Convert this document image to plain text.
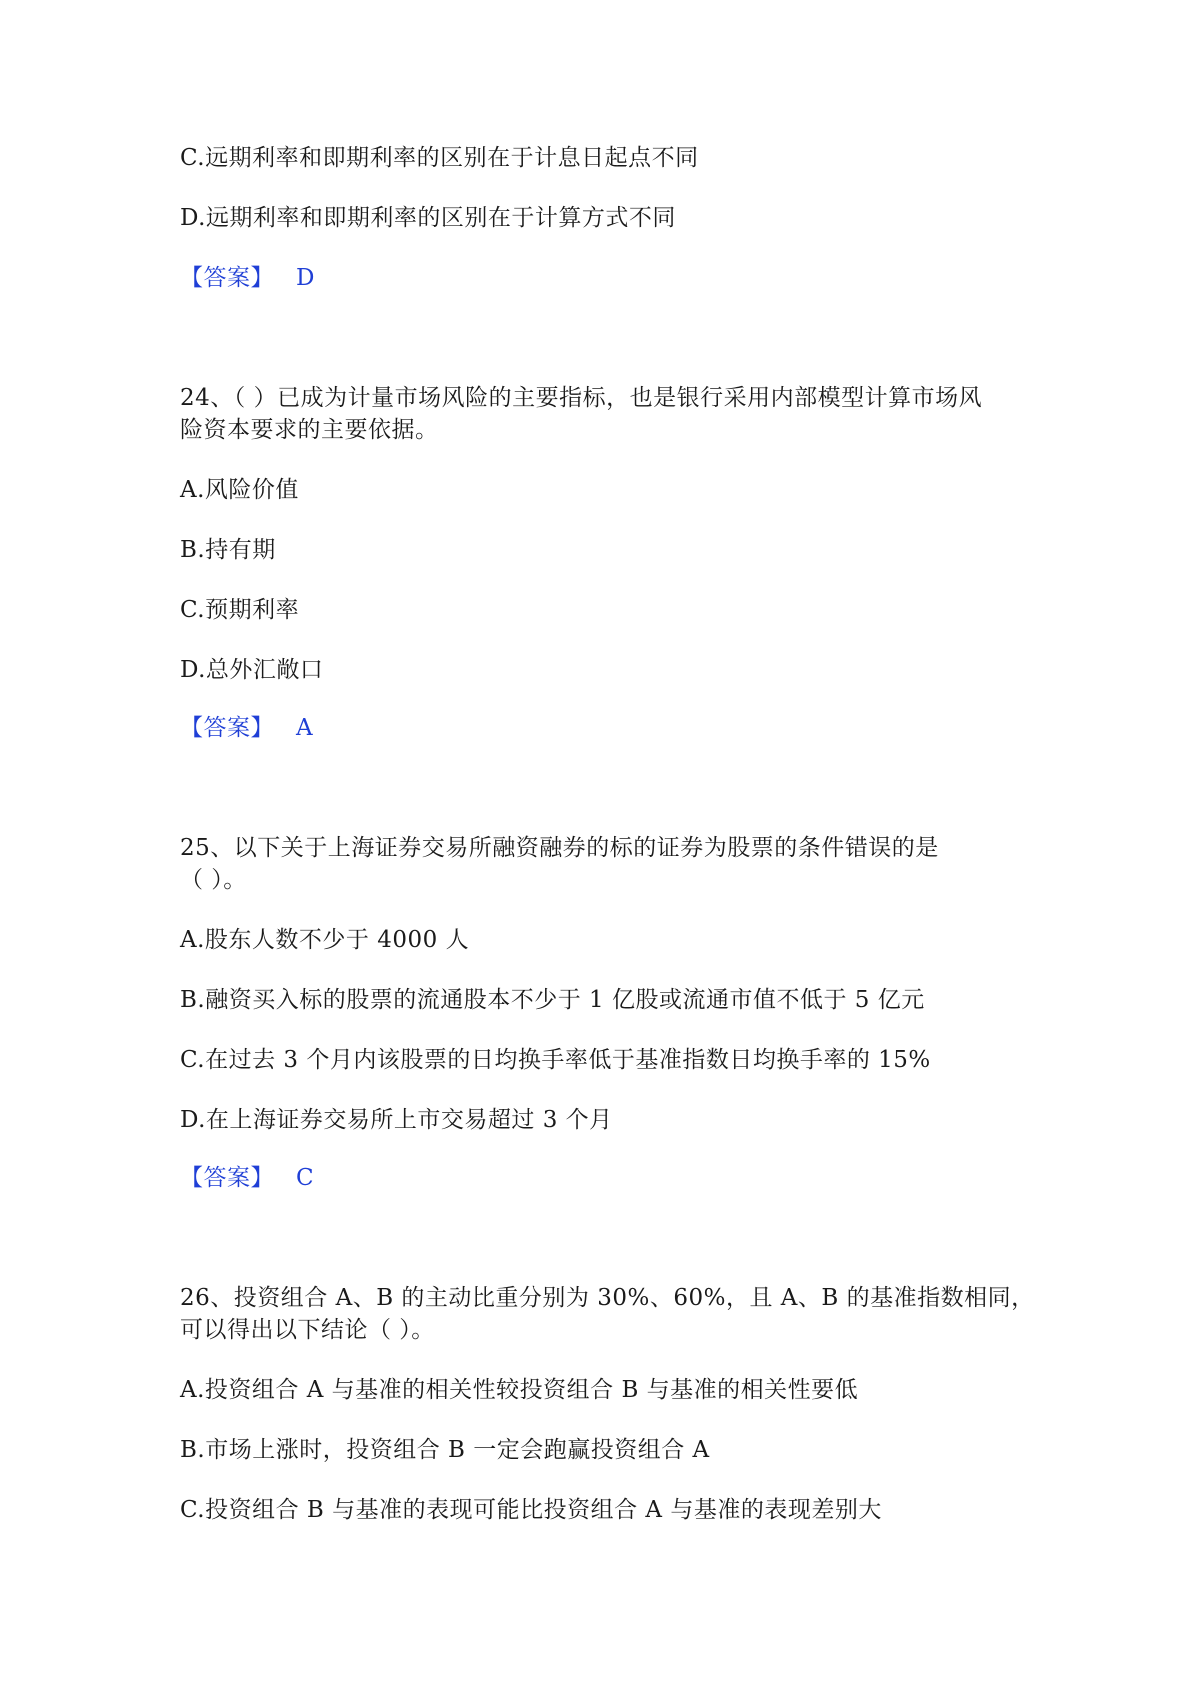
C.远期利率和即期利率的区别在于计息日起点不同
D.远期利率和即期利率的区别在于计算方式不同
【答案】 D
24、（ ）已成为计量市场风险的主要指标，也是银行采用内部模型计算市场风
险资本要求的主要依据。
A.风险价值
B.持有期
C.预期利率
D.总外汇敞口
【答案】 A
25、以下关于上海证券交易所融资融券的标的证券为股票的条件错误的是
（ ）。
A.股东人数不少于 4000 人
B.融资买入标的股票的流通股本不少于 1 亿股或流通市值不低于 5 亿元
C.在过去 3 个月内该股票的日均换手率低于基准指数日均换手率的 15%
D.在上海证券交易所上市交易超过 3 个月
【答案】 C
26、投资组合 A、B 的主动比重分别为 30%、60%，且 A、B 的基准指数相同，
可以得出以下结论（ ）。
A.投资组合 A 与基准的相关性较投资组合 B 与基准的相关性要低
B.市场上涨时，投资组合 B 一定会跑赢投资组合 A
C.投资组合 B 与基准的表现可能比投资组合 A 与基准的表现差别大
